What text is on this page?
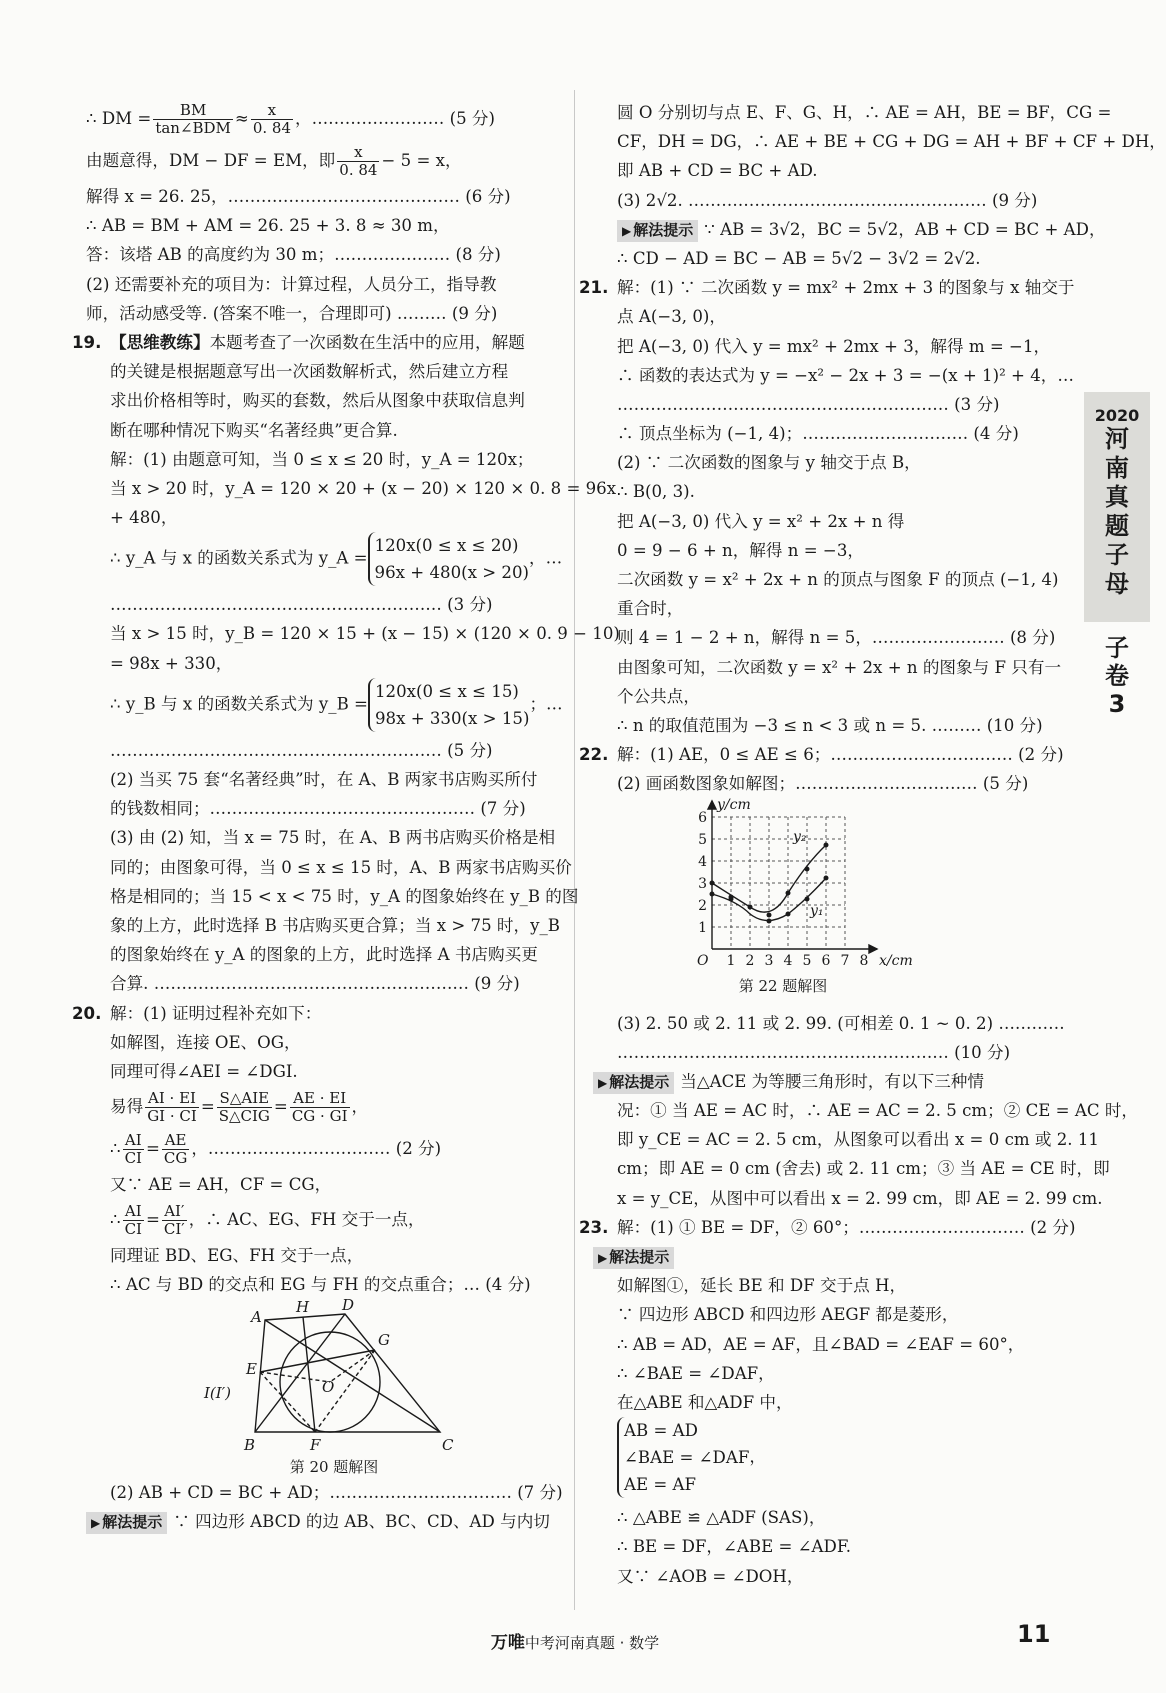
∴ DM = $\frac{BM}{\text{tan∠BDM}} \approx \frac{x}{0. 84}$ ，…………………… (5 分)
由题意得，DM − DF = EM，即 $\frac{x}{0. 84} - 5 = x$，
解得 x = 26. 25，…………………………………… (6 分)
∴ AB = BM + AM = 26. 25 + 3. 8 ≈ 30 m，
答：该塔 AB 的高度约为 30 m；………………… (8 分)
(2) 还需要补充的项目为：计算过程，人员分工，指导教
师，活动感受等. (答案不唯一，合理即可) ……… (9 分)
19. 【思维教练】本题考查了一次函数在生活中的应用，解题
的关键是根据题意写出一次函数解析式，然后建立方程
求出价格相等时，购买的套数，然后从图象中获取信息判
断在哪种情况下购买“名著经典”更合算.
解：(1) 由题意可知，当 0 ≤ x ≤ 20 时，y_A = 120x；
当 x > 20 时，y_A = 120 × 20 + (x − 20) × 120 × 0. 8 = 96x
+ 480，
∴ y_A 与 x 的函数关系式为 y_A =
120x(0 ≤ x ≤ 20)
96x + 480(x > 20)
，…
…………………………………………………… (3 分)
当 x > 15 时，y_B = 120 × 15 + (x − 15) × (120 × 0. 9 − 10)
= 98x + 330，
∴ y_B 与 x 的函数关系式为 y_B =
120x(0 ≤ x ≤ 15)
98x + 330(x > 15)
；…
…………………………………………………… (5 分)
(2) 当买 75 套“名著经典”时，在 A、B 两家书店购买所付
的钱数相同；………………………………………… (7 分)
(3) 由 (2) 知，当 x = 75 时，在 A、B 两书店购买价格是相
同的；由图象可得，当 0 ≤ x ≤ 15 时，A、B 两家书店购买价
格是相同的；当 15 < x < 75 时，y_A 的图象始终在 y_B 的图
象的上方，此时选择 B 书店购买更合算；当 x > 75 时，y_B
的图象始终在 y_A 的图象的上方，此时选择 A 书店购买更
合算. ………………………………………………… (9 分)
20. 解：(1) 证明过程补充如下：
如解图，连接 OE、OG，
同理可得∠AEI = ∠DGI.
易得 $\frac{AI \cdot EI}{GI \cdot CI} = \frac{\text{S△AIE}}{\text{S△CIG}} = \frac{AE \cdot EI}{CG \cdot GI}$ ，
∴ $\frac{AI}{CI} = \frac{AE}{CG}$ ，…………………………… (2 分)
又∵ AE = AH，CF = CG，
∴ $\frac{AI}{CI} = \frac{AI'}{CI'}$ ，∴ AC、EG、FH 交于一点，
同理证 BD、EG、FH 交于一点，
∴ AC 与 BD 的交点和 EG 与 FH 的交点重合；… (4 分)
A
H D
G
E
I(I′)	O
B	F	C
第 20 题解图
(2) AB + CD = BC + AD；…………………………… (7 分)
▶ 解法提示 ∵ 四边形 ABCD 的边 AB、BC、CD、AD 与内切
圆 O 分别切与点 E、F、G、H，∴ AE = AH，BE = BF，CG =
CF，DH = DG，∴ AE + BE + CG + DG = AH + BF + CF + DH，
即 AB + CD = BC + AD.
(3) 2√2. ……………………………………………… (9 分)
▶ 解法提示 ∵ AB = 3√2，BC = 5√2，AB + CD = BC + AD，
∴ CD − AD = BC − AB = 5√2 − 3√2 = 2√2.
21. 解：(1) ∵ 二次函数 y = mx² + 2mx + 3 的图象与 x 轴交于
点 A(−3, 0)，
把 A(−3, 0) 代入 y = mx² + 2mx + 3，解得 m = −1，
∴ 函数的表达式为 y = −x² − 2x + 3 = −(x + 1)² + 4，…
…………………………………………………… (3 分)
∴ 顶点坐标为 (−1, 4)；………………………… (4 分)
(2) ∵ 二次函数的图象与 y 轴交于点 B，
∴ B(0, 3).
把 A(−3, 0) 代入 y = x² + 2x + n 得
0 = 9 − 6 + n，解得 n = −3，
二次函数 y = x² + 2x + n 的顶点与图象 F 的顶点 (−1, 4)
重合时，
则 4 = 1 − 2 + n，解得 n = 5，…………………… (8 分)
由图象可知，二次函数 y = x² + 2x + n 的图象与 F 只有一
个公共点，
∴ n 的取值范围为 −3 ≤ n < 3 或 n = 5. ……… (10 分)
22. 解：(1) AE，0 ≤ AE ≤ 6；…………………………… (2 分)
(2) 画函数图象如解图；…………………………… (5 分)
y/cm
x/cm
O
y₂
y₁
1 2 3 4 5 6 7 8
1
2
3
4
5
6
第 22 题解图
(3) 2. 50 或 2. 11 或 2. 99. (可相差 0. 1 ~ 0. 2) …………
…………………………………………………… (10 分)
▶ 解法提示 当△ACE 为等腰三角形时，有以下三种情
况：① 当 AE = AC 时，∴ AE = AC = 2. 5 cm；② CE = AC 时，
即 y_CE = AC = 2. 5 cm，从图象可以看出 x = 0 cm 或 2. 11
cm；即 AE = 0 cm (舍去) 或 2. 11 cm；③ 当 AE = CE 时，即
x = y_CE，从图中可以看出 x = 2. 99 cm，即 AE = 2. 99 cm.
23. 解：(1) ① BE = DF，② 60°；………………………… (2 分)
▶ 解法提示
如解图①，延长 BE 和 DF 交于点 H，
∵ 四边形 ABCD 和四边形 AEGF 都是菱形，
∴ AB = AD，AE = AF，且∠BAD = ∠EAF = 60°，
∴ ∠BAE = ∠DAF，
在△ABE 和△ADF 中，
AB = AD
∠BAE = ∠DAF
AE = AF
，
∴ △ABE ≌ △ADF (SAS)，
∴ BE = DF，∠ABE = ∠ADF.
又∵ ∠AOB = ∠DOH，
2020
河
南
真
题
子
母
子
卷
3
万唯中考河南真题 · 数学	11
